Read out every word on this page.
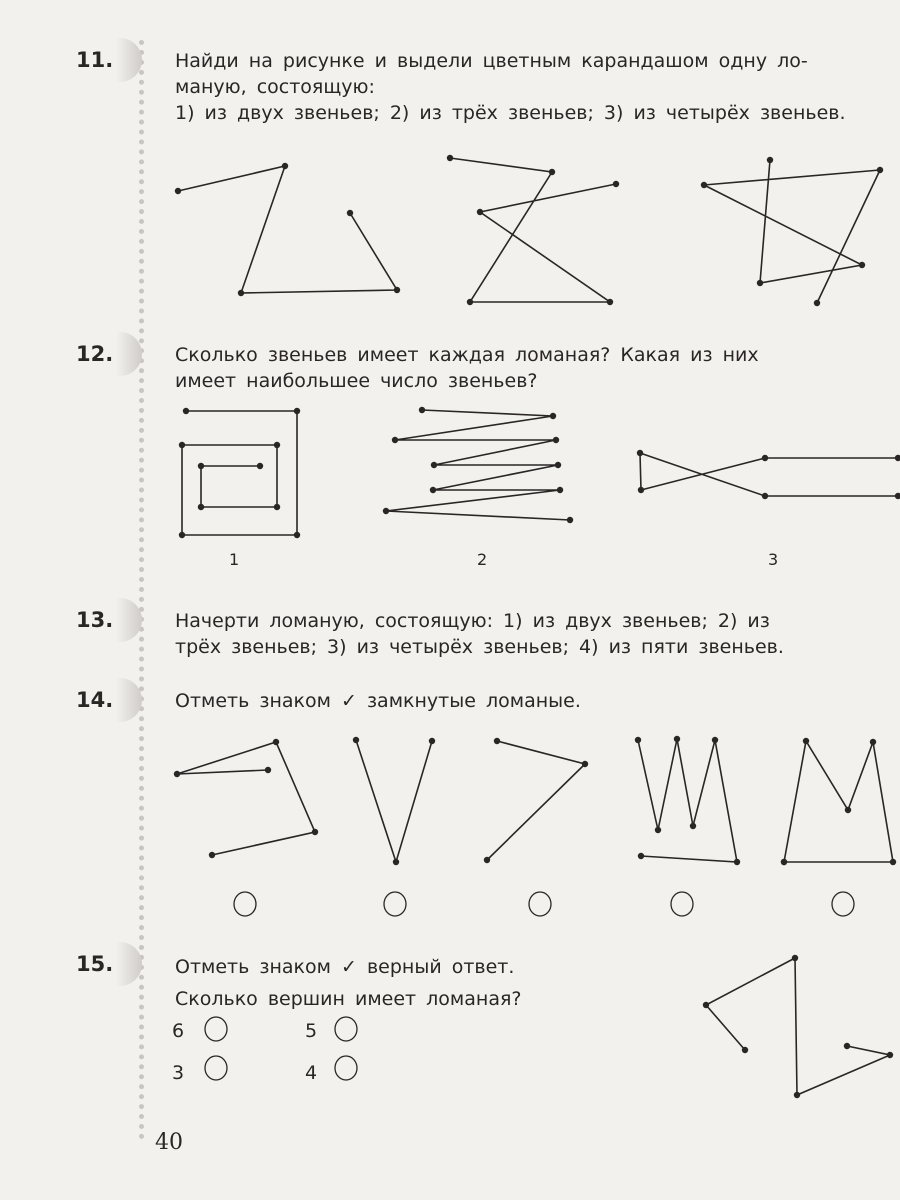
11.	Найди на рисунке и выдели цветным карандашом одну ло-
маную, состоящую:
1) из двух звеньев; 2) из трёх звеньев; 3) из четырёх звеньев.
12.	Сколько звеньев имеет каждая ломаная? Какая из них
имеет наибольшее число звеньев?
1	2	3
13.	Начерти ломаную, состоящую: 1) из двух звеньев; 2) из
трёх звеньев; 3) из четырёх звеньев; 4) из пяти звеньев.
14.	Отметь знаком ✓ замкнутые ломаные.
15.	Отметь знаком ✓ верный ответ.
Сколько вершин имеет ломаная?
6	5
3	4
40
